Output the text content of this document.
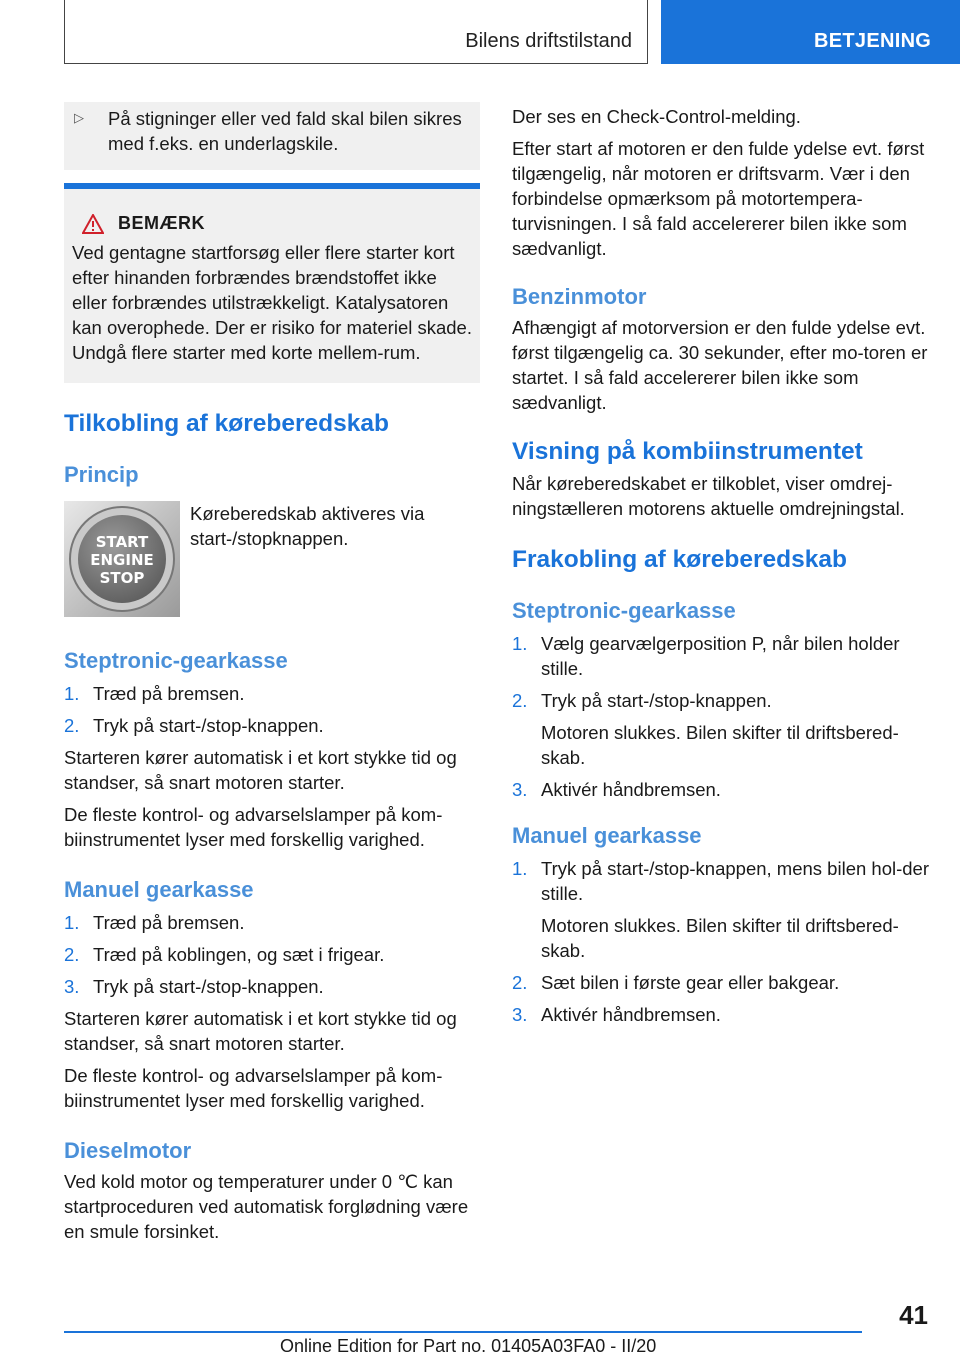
Bilens driftstilstand	BETJENING
▷	På stigninger eller ved fald skal bilen sikres med f.eks. en underlagskile.

BEMÆRK

Ved gentagne startforsøg eller flere starter kort efter hinanden forbrændes brændstoffet ikke eller forbrændes utilstrækkeligt. Katalysatoren kan overophede. Der er risiko for materiel skade. Undgå flere starter med korte mellem-rum.

Tilkobling af køreberedskab
Princip
START
ENGINE
STOP

Køreberedskab aktiveres via start-/stopknappen.

Steptronic-gearkasse
1. Træd på bremsen.
2. Tryk på start-/stop-knappen.

Starteren kører automatisk i et kort stykke tid og standser, så snart motoren starter.

De fleste kontrol- og advarselslamper på kom-biinstrumentet lyser med forskellig varighed.

Manuel gearkasse
1. Træd på bremsen.
2. Træd på koblingen, og sæt i frigear.
3. Tryk på start-/stop-knappen.

Starteren kører automatisk i et kort stykke tid og standser, så snart motoren starter.

De fleste kontrol- og advarselslamper på kom-biinstrumentet lyser med forskellig varighed.

Dieselmotor

Ved kold motor og temperaturer under 0 ℃ kan startproceduren ved automatisk forglødning være en smule forsinket.

Der ses en Check-Control-melding.

Efter start af motoren er den fulde ydelse evt. først tilgængelig, når motoren er driftsvarm. Vær i den forbindelse opmærksom på motortempera-turvisningen. I så fald accelererer bilen ikke som sædvanligt.

Benzinmotor

Afhængigt af motorversion er den fulde ydelse evt. først tilgængelig ca. 30 sekunder, efter mo-toren er startet. I så fald accelererer bilen ikke som sædvanligt.

Visning på kombiinstrumentet

Når køreberedskabet er tilkoblet, viser omdrej-ningstælleren motorens aktuelle omdrejningstal.

Frakobling af køreberedskab
Steptronic-gearkasse
1. Vælg gearvælgerposition P, når bilen holder stille.
2. Tryk på start-/stop-knappen.

Motoren slukkes. Bilen skifter til driftsbered-skab.

3. Aktivér håndbremsen.
Manuel gearkasse
1. Tryk på start-/stop-knappen, mens bilen hol-der stille.

Motoren slukkes. Bilen skifter til driftsbered-skab.

2. Sæt bilen i første gear eller bakgear.
3. Aktivér håndbremsen.
41
Online Edition for Part no. 01405A03FA0 - II/20
